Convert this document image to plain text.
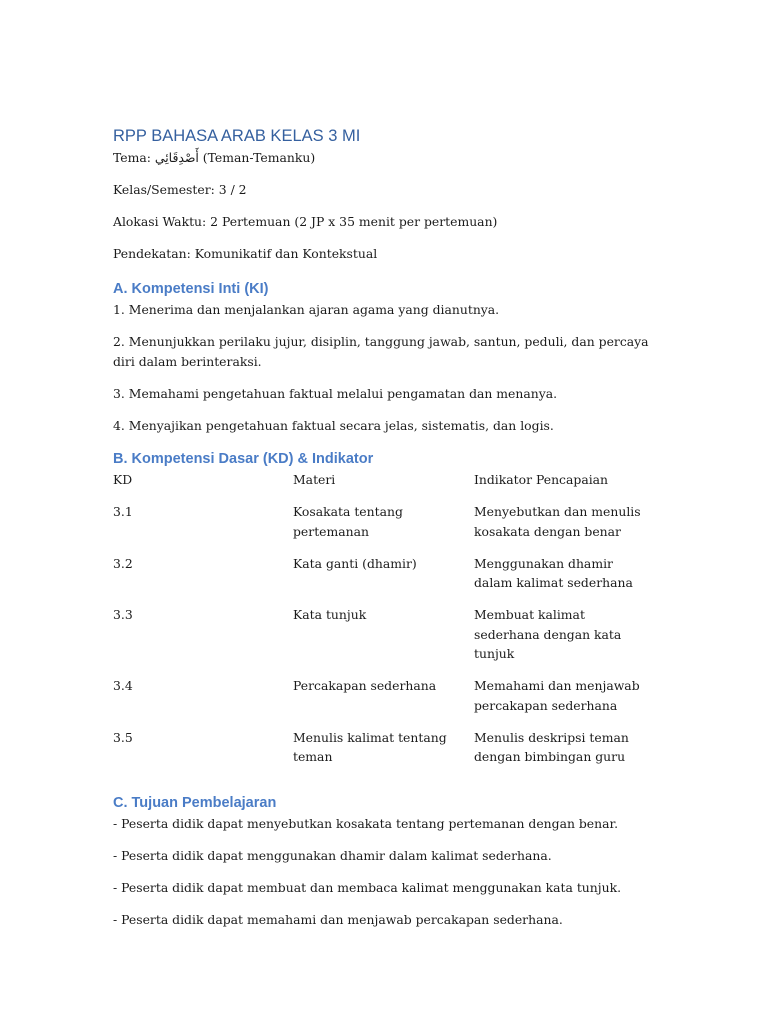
RPP BAHASA ARAB KELAS 3 MI

Tema: أَصْدِقَائِي (Teman-Temanku)

Kelas/Semester: 3 / 2

Alokasi Waktu: 2 Pertemuan (2 JP x 35 menit per pertemuan)

Pendekatan: Komunikatif dan Kontekstual

A. Kompetensi Inti (KI)

1. Menerima dan menjalankan ajaran agama yang dianutnya.

2. Menunjukkan perilaku jujur, disiplin, tanggung jawab, santun, peduli, dan percaya diri dalam berinteraksi.

3. Memahami pengetahuan faktual melalui pengamatan dan menanya.

4. Menyajikan pengetahuan faktual secara jelas, sistematis, dan logis.

B. Kompetensi Dasar (KD) & Indikator
KD	Materi	Indikator Pencapaian
3.1	Kosakata tentang pertemanan	Menyebutkan dan menulis kosakata dengan benar
3.2	Kata ganti (dhamir)	Menggunakan dhamir dalam kalimat sederhana
3.3	Kata tunjuk	Membuat kalimat sederhana dengan kata tunjuk
3.4	Percakapan sederhana	Memahami dan menjawab percakapan sederhana
3.5	Menulis kalimat tentang teman	Menulis deskripsi teman dengan bimbingan guru
C. Tujuan Pembelajaran

- Peserta didik dapat menyebutkan kosakata tentang pertemanan dengan benar.

- Peserta didik dapat menggunakan dhamir dalam kalimat sederhana.

- Peserta didik dapat membuat dan membaca kalimat menggunakan kata tunjuk.

- Peserta didik dapat memahami dan menjawab percakapan sederhana.
